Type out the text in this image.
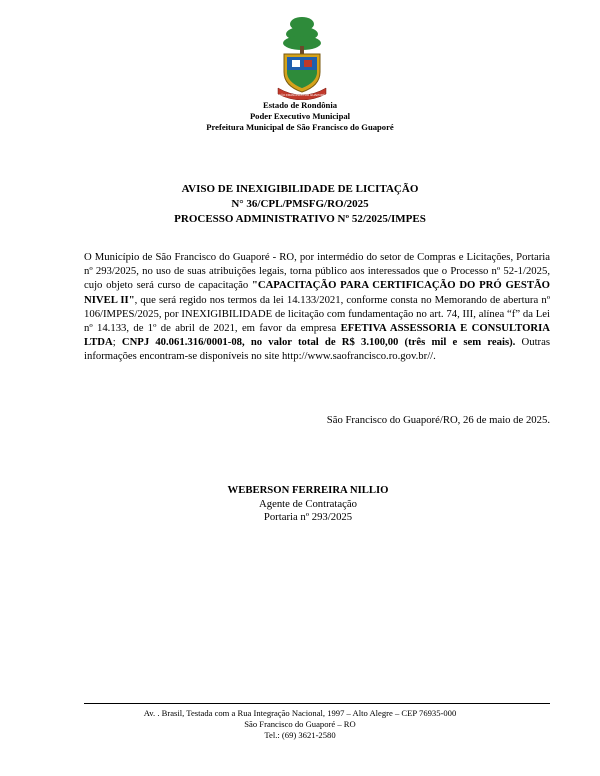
SÃO FRANCISCO DO GUAPORÉ
Estado de Rondônia
Poder Executivo Municipal
Prefeitura Municipal de São Francisco do Guaporé
AVISO DE INEXIGIBILIDADE DE LICITAÇÃO
N° 36/CPL/PMSFG/RO/2025
PROCESSO ADMINISTRATIVO Nº 52/2025/IMPES
O Município de São Francisco do Guaporé - RO, por intermédio do setor de Compras e Licitações, Portaria nº 293/2025, no uso de suas atribuições legais, torna público aos interessados que o Processo nº 52-1/2025, cujo objeto será curso de capacitação "CAPACITAÇÃO PARA CERTIFICAÇÃO DO PRÓ GESTÃO NIVEL II", que será regido nos termos da lei 14.133/2021, conforme consta no Memorando de abertura nº 106/IMPES/2025, por INEXIGIBILIDADE de licitação com fundamentação no art. 74, III, alínea “f” da Lei nº 14.133, de 1º de abril de 2021, em favor da empresa EFETIVA ASSESSORIA E CONSULTORIA LTDA; CNPJ 40.061.316/0001-08, no valor total de R$ 3.100,00 (três mil e sem reais). Outras informações encontram-se disponíveis no site http://www.saofrancisco.ro.gov.br//.
São Francisco do Guaporé/RO, 26 de maio de 2025.
WEBERSON FERREIRA NILLIO
Agente de Contratação
Portaria nº 293/2025
Av. . Brasil, Testada com a Rua Integração Nacional, 1997 – Alto Alegre – CEP 76935-000
São Francisco do Guaporé – RO
Tel.: (69) 3621-2580
